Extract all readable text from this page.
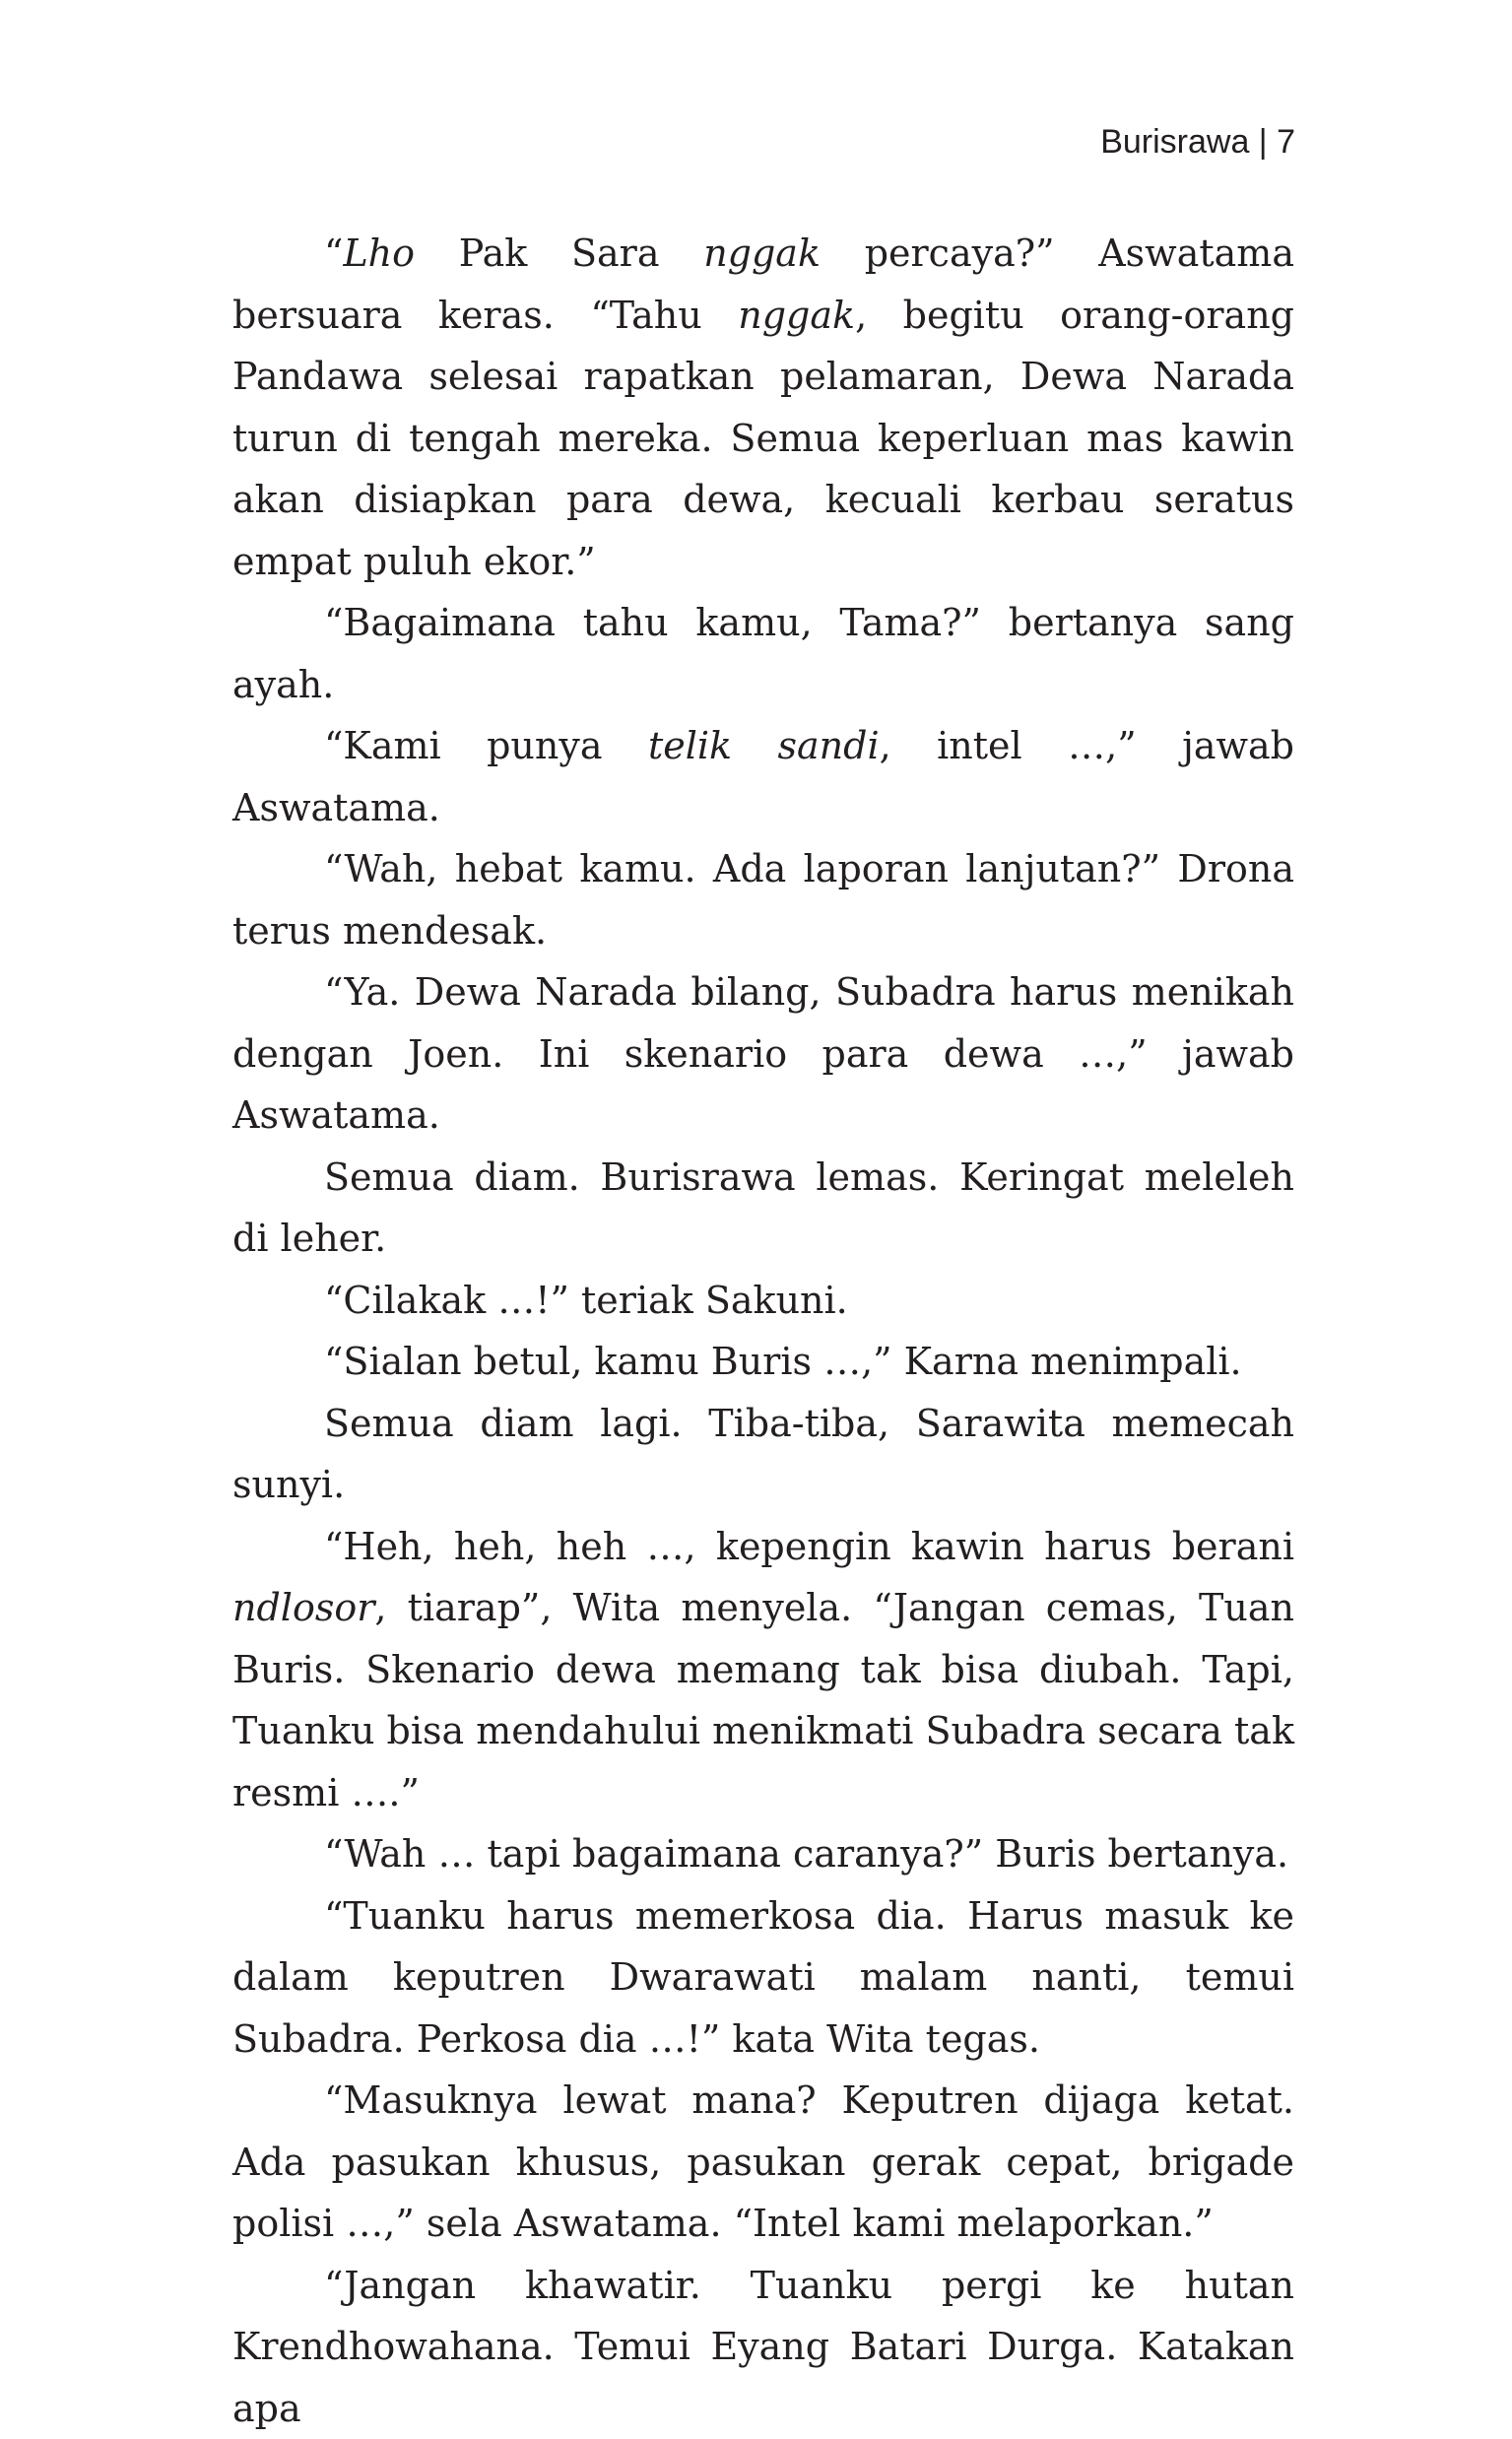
Burisrawa | 7

“Lho Pak Sara nggak percaya?” Aswatama bersuara keras. “Tahu nggak, begitu orang-orang Pandawa selesai rapatkan pelamaran, Dewa Narada turun di tengah mereka. Semua keperluan mas kawin akan disiapkan para dewa, kecuali kerbau seratus empat puluh ekor.”

“Bagaimana tahu kamu, Tama?” bertanya sang ayah.

“Kami punya telik sandi, intel …,” jawab Aswatama.

“Wah, hebat kamu. Ada laporan lanjutan?” Drona terus mendesak.

“Ya. Dewa Narada bilang, Subadra harus menikah dengan Joen. Ini skenario para dewa …,” jawab Aswatama.

Semua diam. Burisrawa lemas. Keringat meleleh di leher.

“Cilakak …!” teriak Sakuni.

“Sialan betul, kamu Buris …,” Karna menimpali.

Semua diam lagi. Tiba-tiba, Sarawita memecah sunyi.

“Heh, heh, heh …, kepengin kawin harus berani ndlosor, tiarap”, Wita menyela. “Jangan cemas, Tuan Buris. Skenario dewa memang tak bisa diubah. Tapi, Tuanku bisa mendahului menikmati Subadra secara tak resmi ….”

“Wah … tapi bagaimana caranya?” Buris bertanya.

“Tuanku harus memerkosa dia. Harus masuk ke dalam keputren Dwarawati malam nanti, temui Subadra. Perkosa dia …!” kata Wita tegas.

“Masuknya lewat mana? Keputren dijaga ketat. Ada pasukan khusus, pasukan gerak cepat, brigade polisi …,” sela Aswatama. “Intel kami melaporkan.”

“Jangan khawatir. Tuanku pergi ke hutan Krendhowahana. Temui Eyang Batari Durga. Katakan apa
